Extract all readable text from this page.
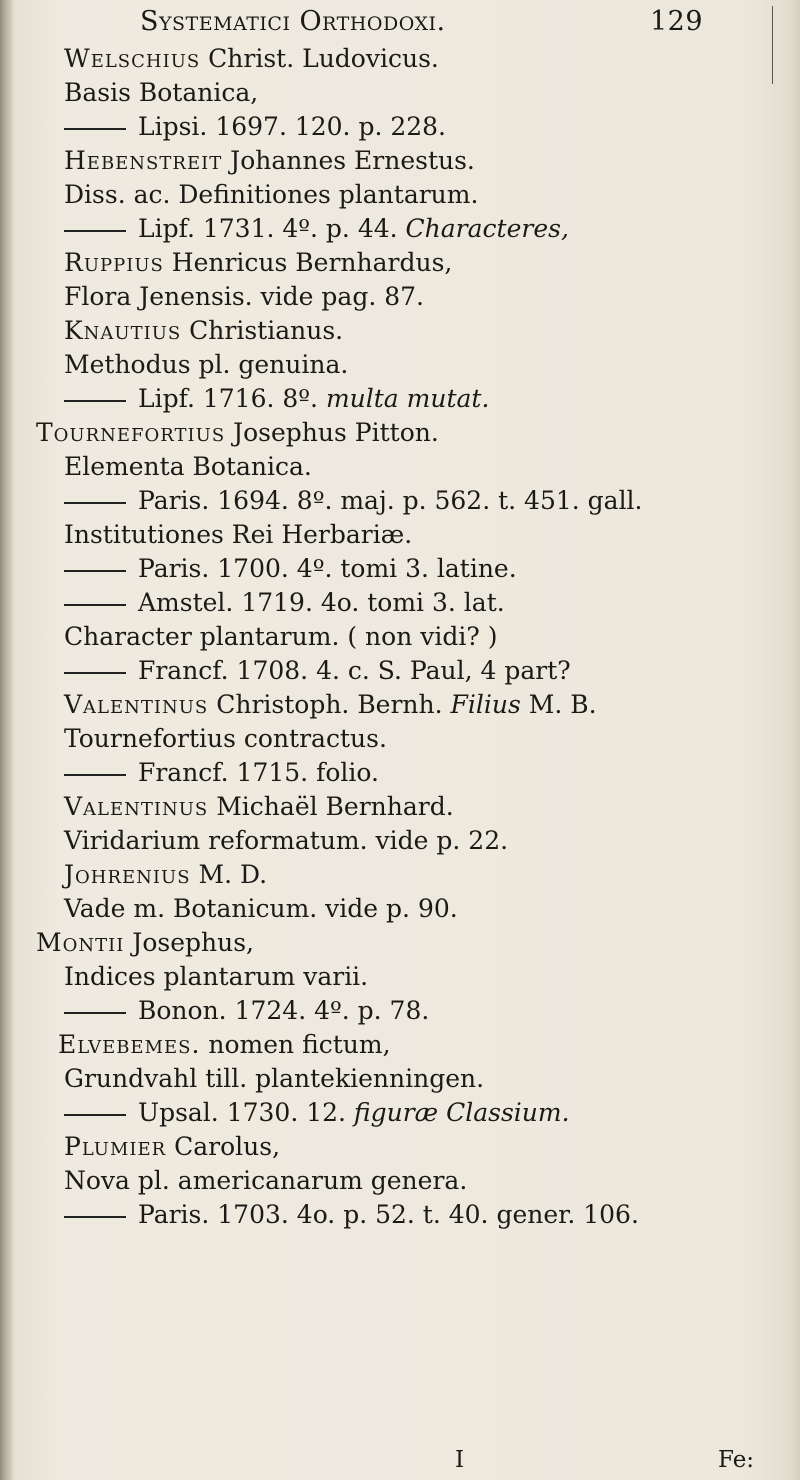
Systematici Orthodoxi.	129
Welschius Christ. Ludovicus.
Basis Botanica,
Lipsi. 1697. 120. p. 228.
Hebenstreit Johannes Ernestus.
Diss. ac. Definitiones plantarum.
Lipf. 1731. 4º. p. 44. Characteres,
Ruppius Henricus Bernhardus,
Flora Jenensis. vide pag. 87.
Knautius Christianus.
Methodus pl. genuina.
Lipf. 1716. 8º. multa mutat.
Tournefortius Josephus Pitton.
Elementa Botanica.
Paris. 1694. 8º. maj. p. 562. t. 451. gall.
Institutiones Rei Herbariæ.
Paris. 1700. 4º. tomi 3. latine.
Amstel. 1719. 4o. tomi 3. lat.
Character plantarum. ( non vidi? )
Francf. 1708. 4. c. S. Paul, 4 part?
Valentinus Christoph. Bernh. Filius M. B.
Tournefortius contractus.
Francf. 1715. folio.
Valentinus Michaël Bernhard.
Viridarium reformatum. vide p. 22.
Johrenius M. D.
Vade m. Botanicum. vide p. 90.
Montii Josephus,
Indices plantarum varii.
Bonon. 1724. 4º. p. 78.
Elvebemes. nomen fictum,
Grundvahl till. plantekienningen.
Upsal. 1730. 12. figuræ Classium.
Plumier Carolus,
Nova pl. americanarum genera.
Paris. 1703. 4o. p. 52. t. 40. gener. 106.
I	Fe:
